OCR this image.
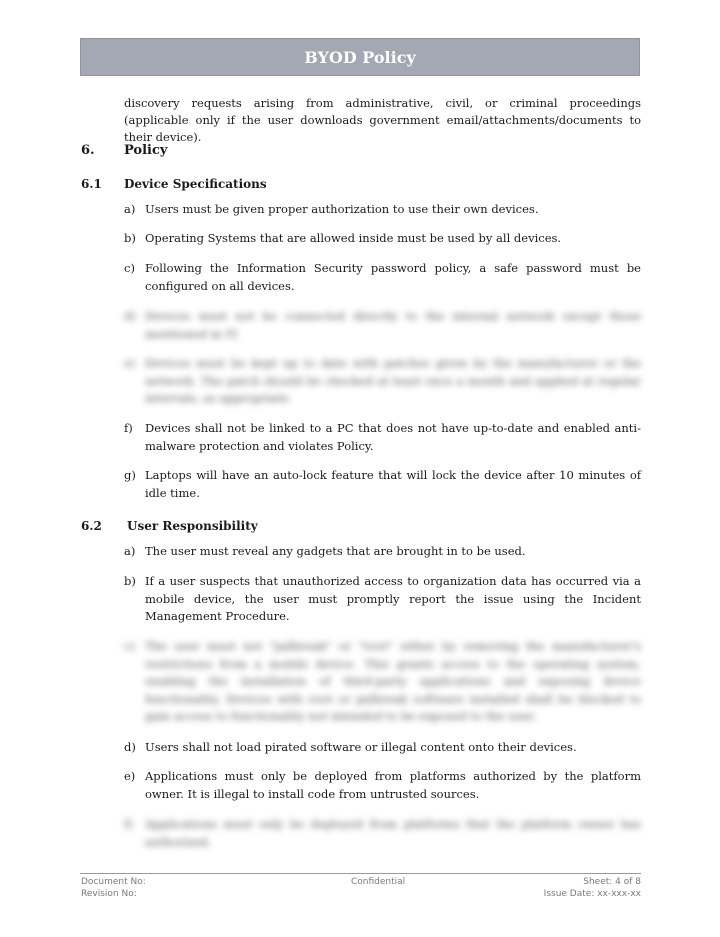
BYOD Policy
discovery requests arising from administrative, civil, or criminal proceedings (applicable only if the user downloads government email/attachments/documents to their device).
6. Policy
6.1 Device Specifications
a) Users must be given proper authorization to use their own devices.
b) Operating Systems that are allowed inside must be used by all devices.
c) Following the Information Security password policy, a safe password must be configured on all devices.
d) Devices must not be connected directly to the internal network except those mentioned in IT.
e) Devices must be kept up to date with patches given by the manufacturer or the network. The patch should be checked at least once a month and applied at regular intervals, as appropriate.
f) Devices shall not be linked to a PC that does not have up-to-date and enabled anti-malware protection and violates Policy.
g) Laptops will have an auto-lock feature that will lock the device after 10 minutes of idle time.
6.2 User Responsibility
a) The user must reveal any gadgets that are brought in to be used.
b) If a user suspects that unauthorized access to organization data has occurred via a mobile device, the user must promptly report the issue using the Incident Management Procedure.
c) The user must not "jailbreak" or "root" either by removing the manufacturer's restrictions from a mobile device. This grants access to the operating system, enabling the installation of third-party applications and exposing device functionality. Devices with root or jailbreak software installed shall be blocked to gain access to functionality not intended to be exposed to the user.
d) Users shall not load pirated software or illegal content onto their devices.
e) Applications must only be deployed from platforms authorized by the platform owner. It is illegal to install code from untrusted sources.
f) Applications must only be deployed from platforms that the platform owner has authorized.
Document No:
Revision No:
Confidential	Sheet: 4 of 8
Issue Date: xx-xxx-xx
